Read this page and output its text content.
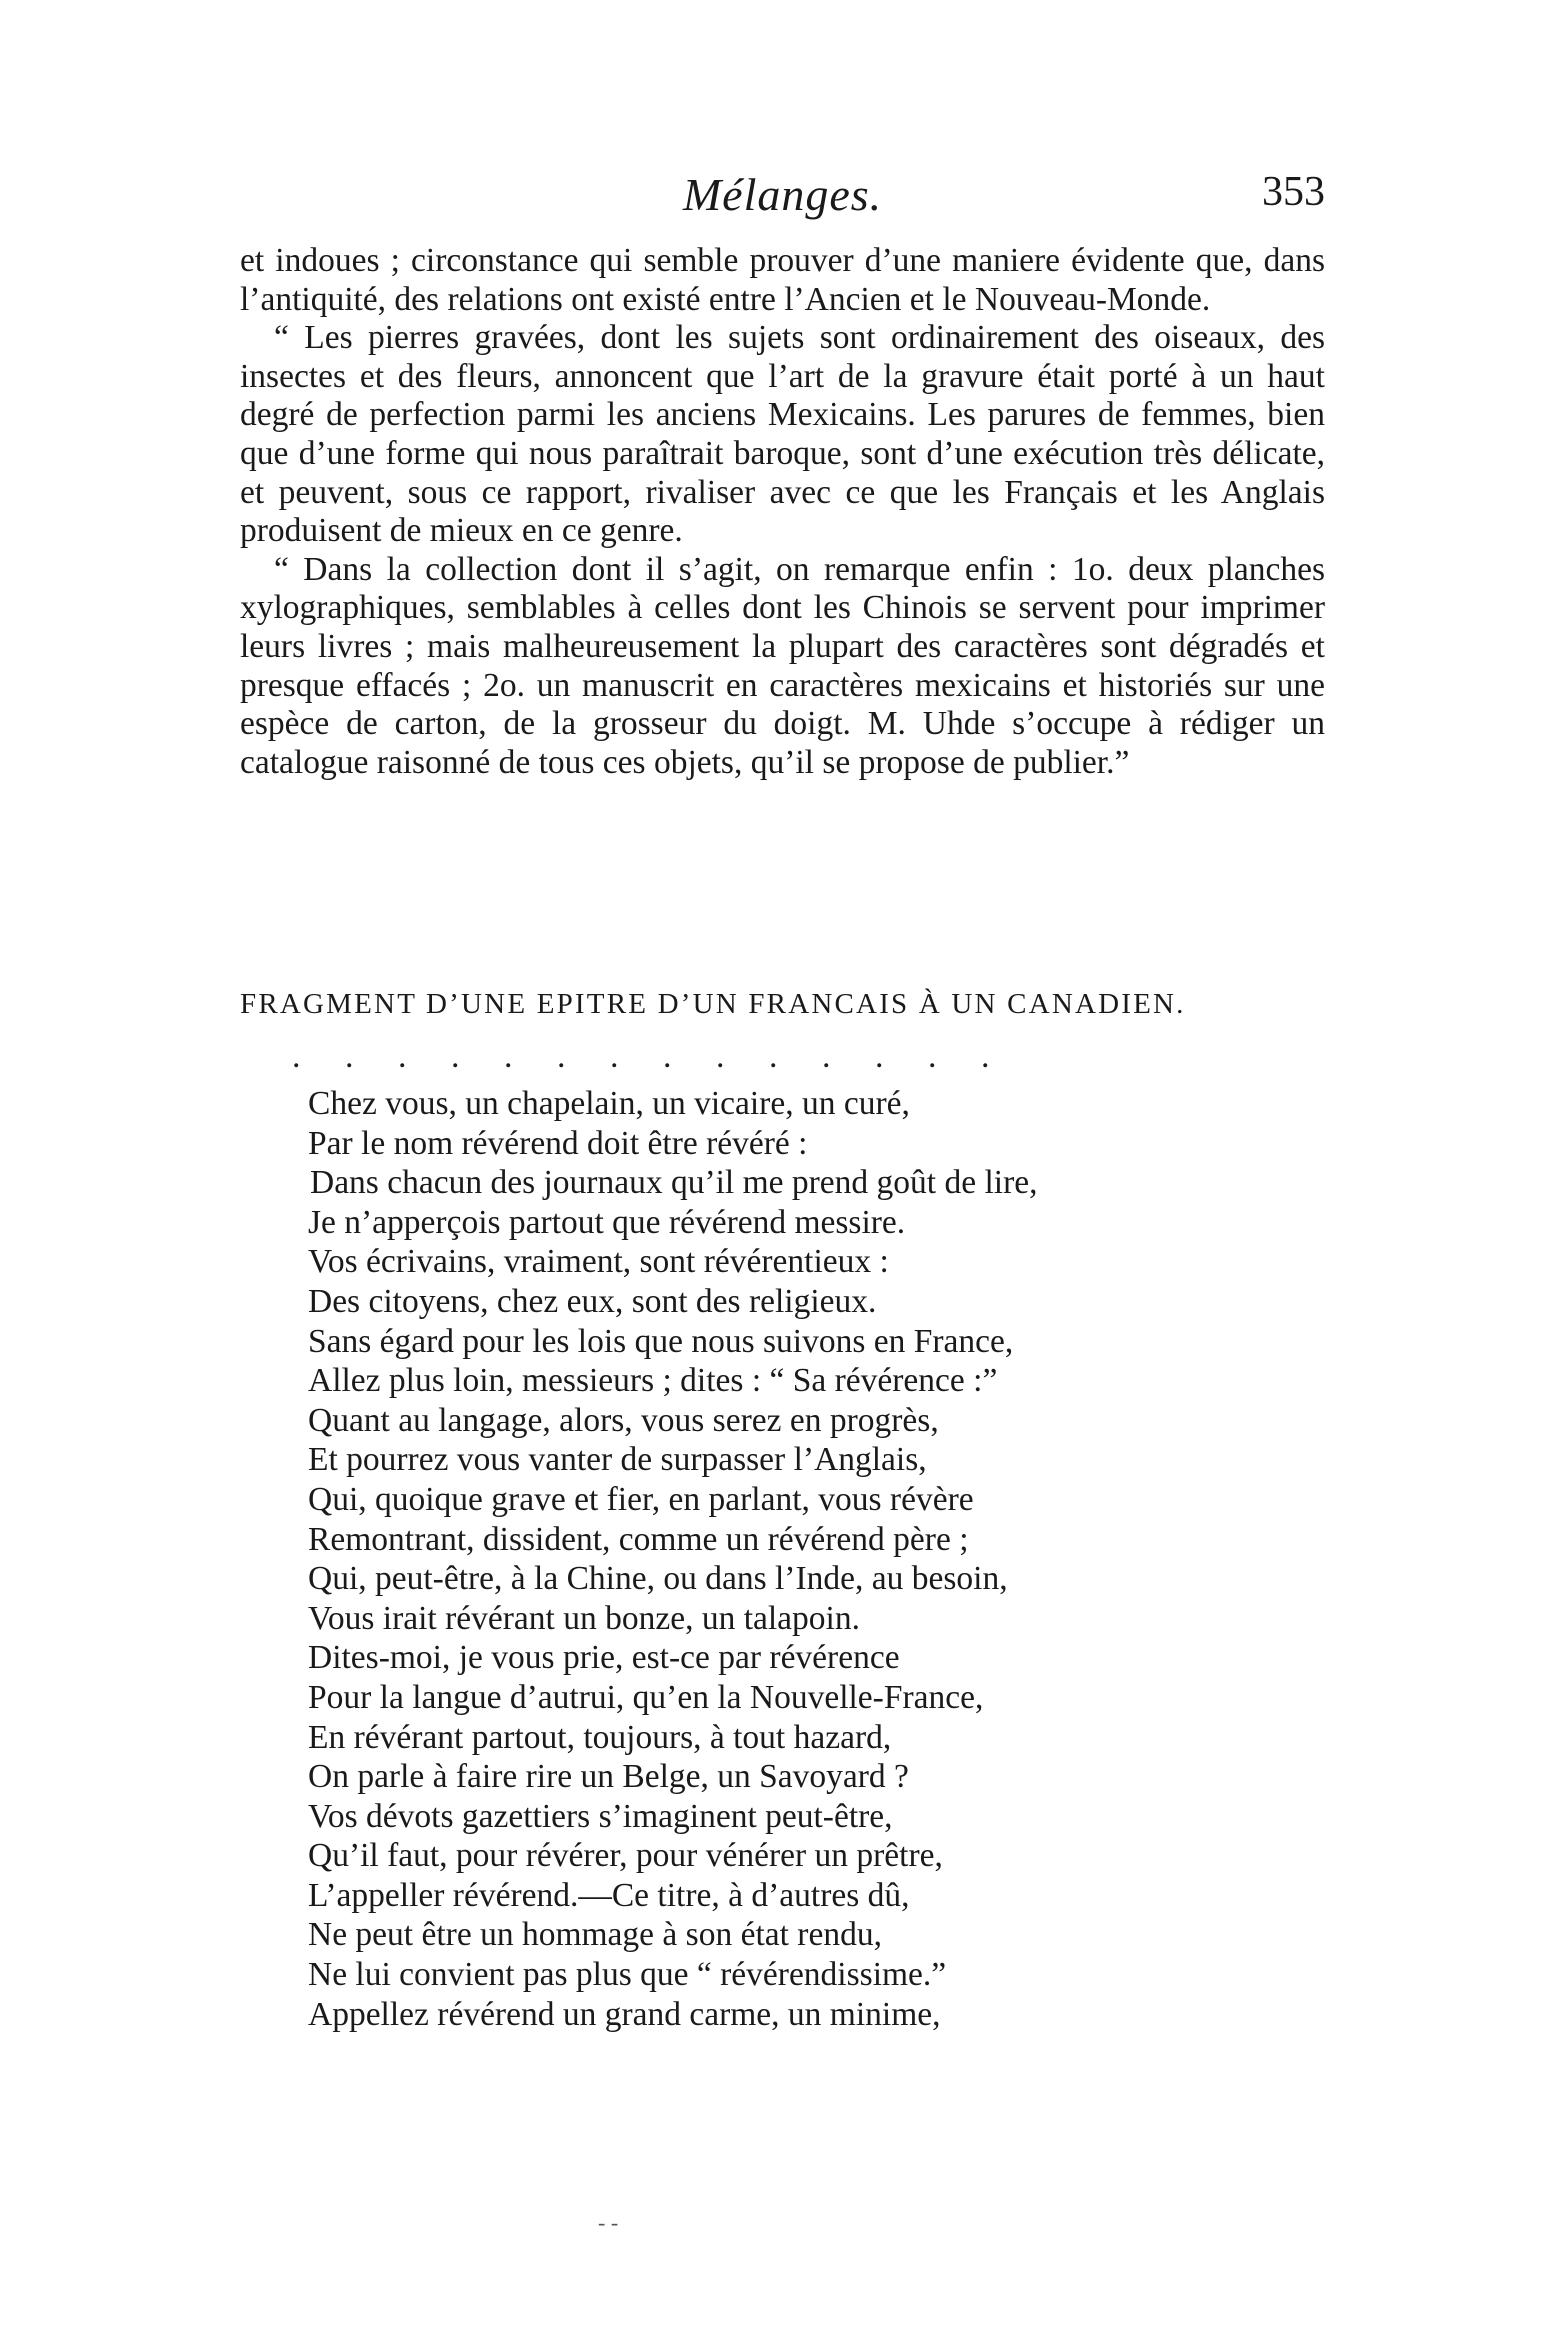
Mélanges.	353

et indoues ; circonstance qui semble prouver d’une maniere évidente que, dans l’antiquité, des relations ont existé entre l’Ancien et le Nouveau-Monde.

“ Les pierres gravées, dont les sujets sont ordinairement des oiseaux, des insectes et des fleurs, annoncent que l’art de la gravure était porté à un haut degré de perfection parmi les anciens Mexicains. Les parures de femmes, bien que d’une forme qui nous paraîtrait baroque, sont d’une exécution très délicate, et peuvent, sous ce rapport, rivaliser avec ce que les Français et les Anglais produisent de mieux en ce genre.

“ Dans la collection dont il s’agit, on remarque enfin : 1o. deux planches xylographiques, semblables à celles dont les Chinois se servent pour imprimer leurs livres ; mais malheureusement la plupart des caractères sont dégradés et presque effacés ; 2o. un manuscrit en caractères mexicains et historiés sur une espèce de carton, de la grosseur du doigt. M. Uhde s’occupe à rédiger un catalogue raisonné de tous ces objets, qu’il se propose de publier.”

FRAGMENT D’UNE EPITRE D’UN FRANCAIS À UN CANADIEN.
. . . . . . . . . . . . . .
Chez vous, un chapelain, un vicaire, un curé,
Par le nom révérend doit être révéré :
Dans chacun des journaux qu’il me prend goût de lire,
Je n’apperçois partout que révérend messire.
Vos écrivains, vraiment, sont révérentieux :
Des citoyens, chez eux, sont des religieux.
Sans égard pour les lois que nous suivons en France,
Allez plus loin, messieurs ; dites : “ Sa révérence :”
Quant au langage, alors, vous serez en progrès,
Et pourrez vous vanter de surpasser l’Anglais,
Qui, quoique grave et fier, en parlant, vous révère
Remontrant, dissident, comme un révérend père ;
Qui, peut-être, à la Chine, ou dans l’Inde, au besoin,
Vous irait révérant un bonze, un talapoin.
Dites-moi, je vous prie, est-ce par révérence
Pour la langue d’autrui, qu’en la Nouvelle-France,
En révérant partout, toujours, à tout hazard,
On parle à faire rire un Belge, un Savoyard ?
Vos dévots gazettiers s’imaginent peut-être,
Qu’il faut, pour révérer, pour vénérer un prêtre,
L’appeller révérend.—Ce titre, à d’autres dû,
Ne peut être un hommage à son état rendu,
Ne lui convient pas plus que “ révérendissime.”
Appellez révérend un grand carme, un minime,
- -
